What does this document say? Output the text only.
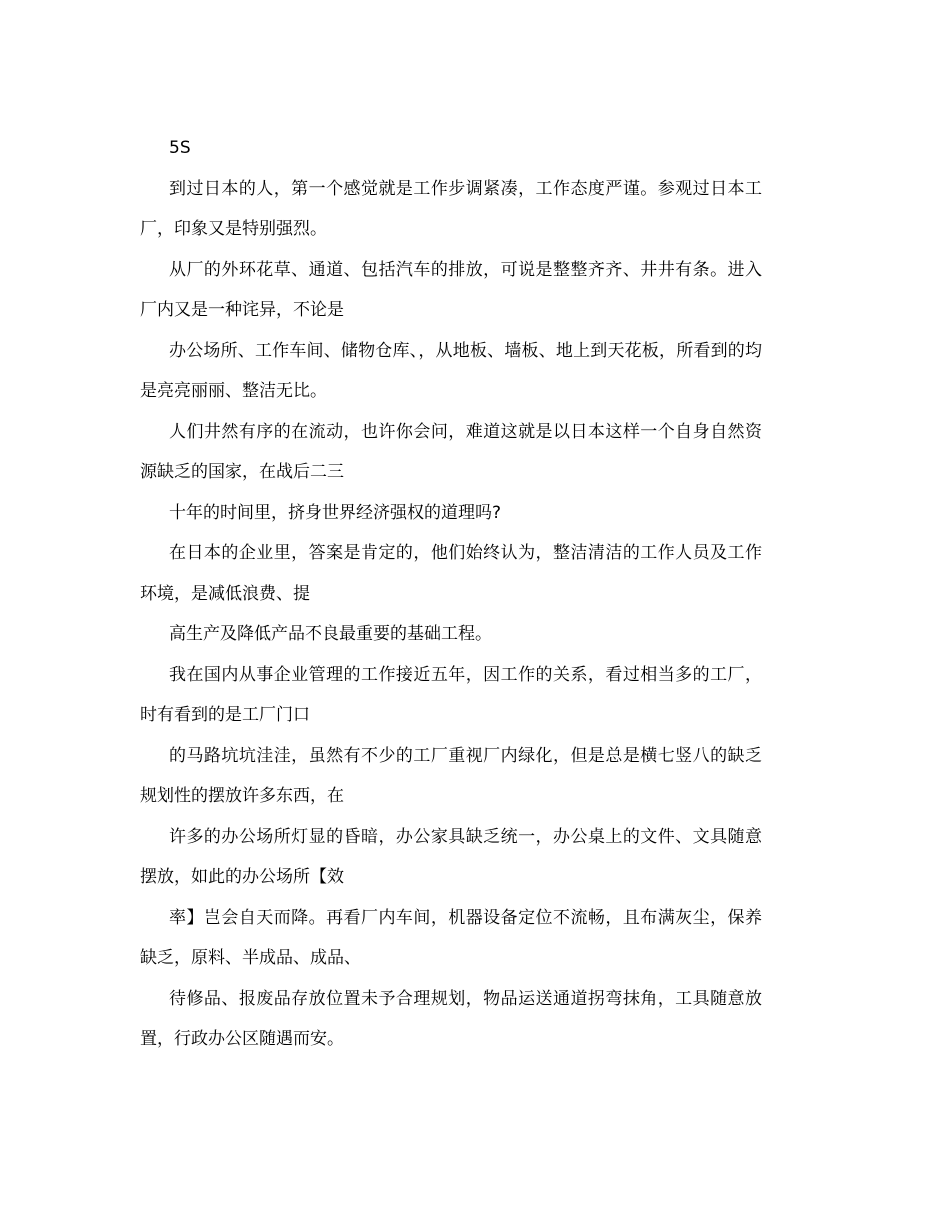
5S

到过日本的人，第一个感觉就是工作步调紧凑，工作态度严谨。参观过日本工厂，印象又是特别强烈。

从厂的外环花草、通道、包括汽车的排放，可说是整整齐齐、井井有条。进入厂内又是一种诧异，不论是

办公场所、工作车间、储物仓库、，从地板、墙板、地上到天花板，所看到的均是亮亮丽丽、整洁无比。

人们井然有序的在流动，也许你会问，难道这就是以日本这样一个自身自然资源缺乏的国家，在战后二三

十年的时间里，挤身世界经济强权的道理吗?

在日本的企业里，答案是肯定的，他们始终认为，整洁清洁的工作人员及工作环境，是减低浪费、提

高生产及降低产品不良最重要的基础工程。

我在国内从事企业管理的工作接近五年，因工作的关系，看过相当多的工厂，时有看到的是工厂门口

的马路坑坑洼洼，虽然有不少的工厂重视厂内绿化，但是总是横七竖八的缺乏规划性的摆放许多东西，在

许多的办公场所灯显的昏暗，办公家具缺乏统一，办公桌上的文件、文具随意摆放，如此的办公场所【效

率】岂会自天而降。再看厂内车间，机器设备定位不流畅，且布满灰尘，保养缺乏，原料、半成品、成品、

待修品、报废品存放位置未予合理规划，物品运送通道拐弯抹角，工具随意放置，行政办公区随遇而安。
